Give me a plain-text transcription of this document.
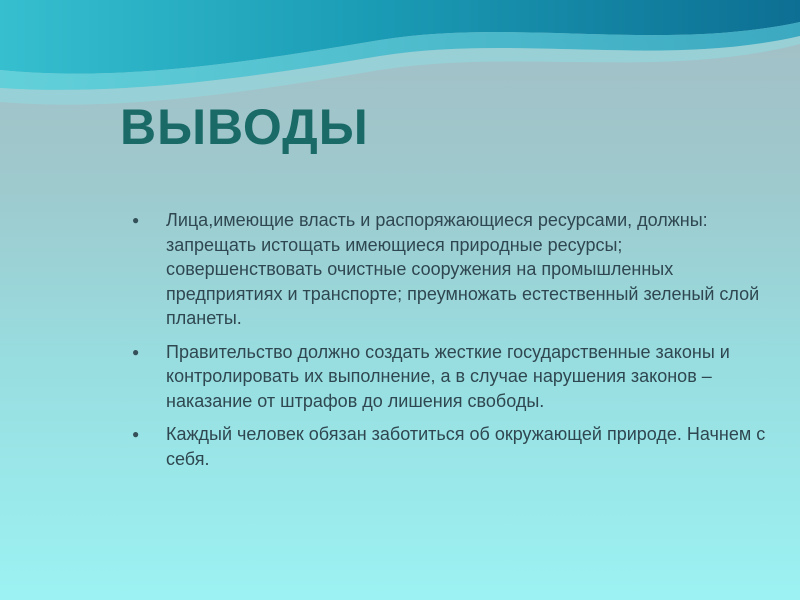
ВЫВОДЫ
● Лица,имеющие власть и распоряжающиеся ресурсами, должны: запрещать истощать имеющиеся природные ресурсы; совершенствовать очистные сооружения на промышленных предприятиях и транспорте; преумножать естественный зеленый слой планеты.
● Правительство должно создать жесткие государственные законы и контролировать их выполнение, а в случае нарушения законов – наказание от штрафов до лишения свободы.
● Каждый человек обязан заботиться об окружающей природе. Начнем с себя.
